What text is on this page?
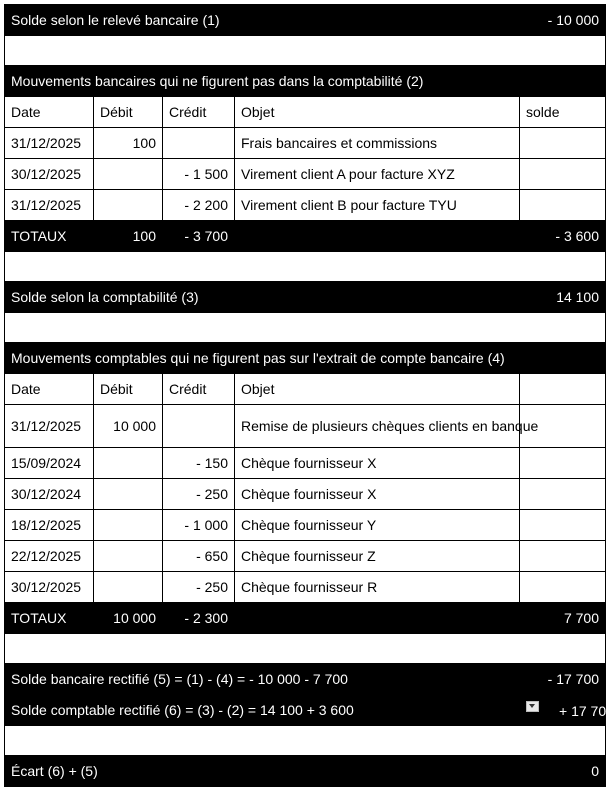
Solde selon le relevé bancaire (1)				- 10 000

Mouvements bancaires qui ne figurent pas dans la comptabilité (2)				
Date	Débit	Crédit	Objet	solde
31/12/2025	100		Frais bancaires et commissions	
30/12/2025		- 1 500	Virement client A pour facture XYZ	
31/12/2025		- 2 200	Virement client B pour facture TYU	
TOTAUX	100	- 3 700		- 3 600

Solde selon la comptabilité (3)				14 100

Mouvements comptables qui ne figurent pas sur l'extrait de compte bancaire (4)				
Date	Débit	Crédit	Objet	
31/12/2025	10 000		Remise de plusieurs chèques clients en banque	
15/09/2024		- 150	Chèque fournisseur X	
30/12/2024		- 250	Chèque fournisseur X	
18/12/2025		- 1 000	Chèque fournisseur Y	
22/12/2025		- 650	Chèque fournisseur Z	
30/12/2025		- 250	Chèque fournisseur R	
TOTAUX	10 000	- 2 300		7 700

Solde bancaire rectifié (5) = (1) - (4) = - 10 000 - 7 700				- 17 700
Solde comptable rectifié (6) = (3) - (2) = 14 100 + 3 600				+ 17 700

Écart (6) + (5)				0
